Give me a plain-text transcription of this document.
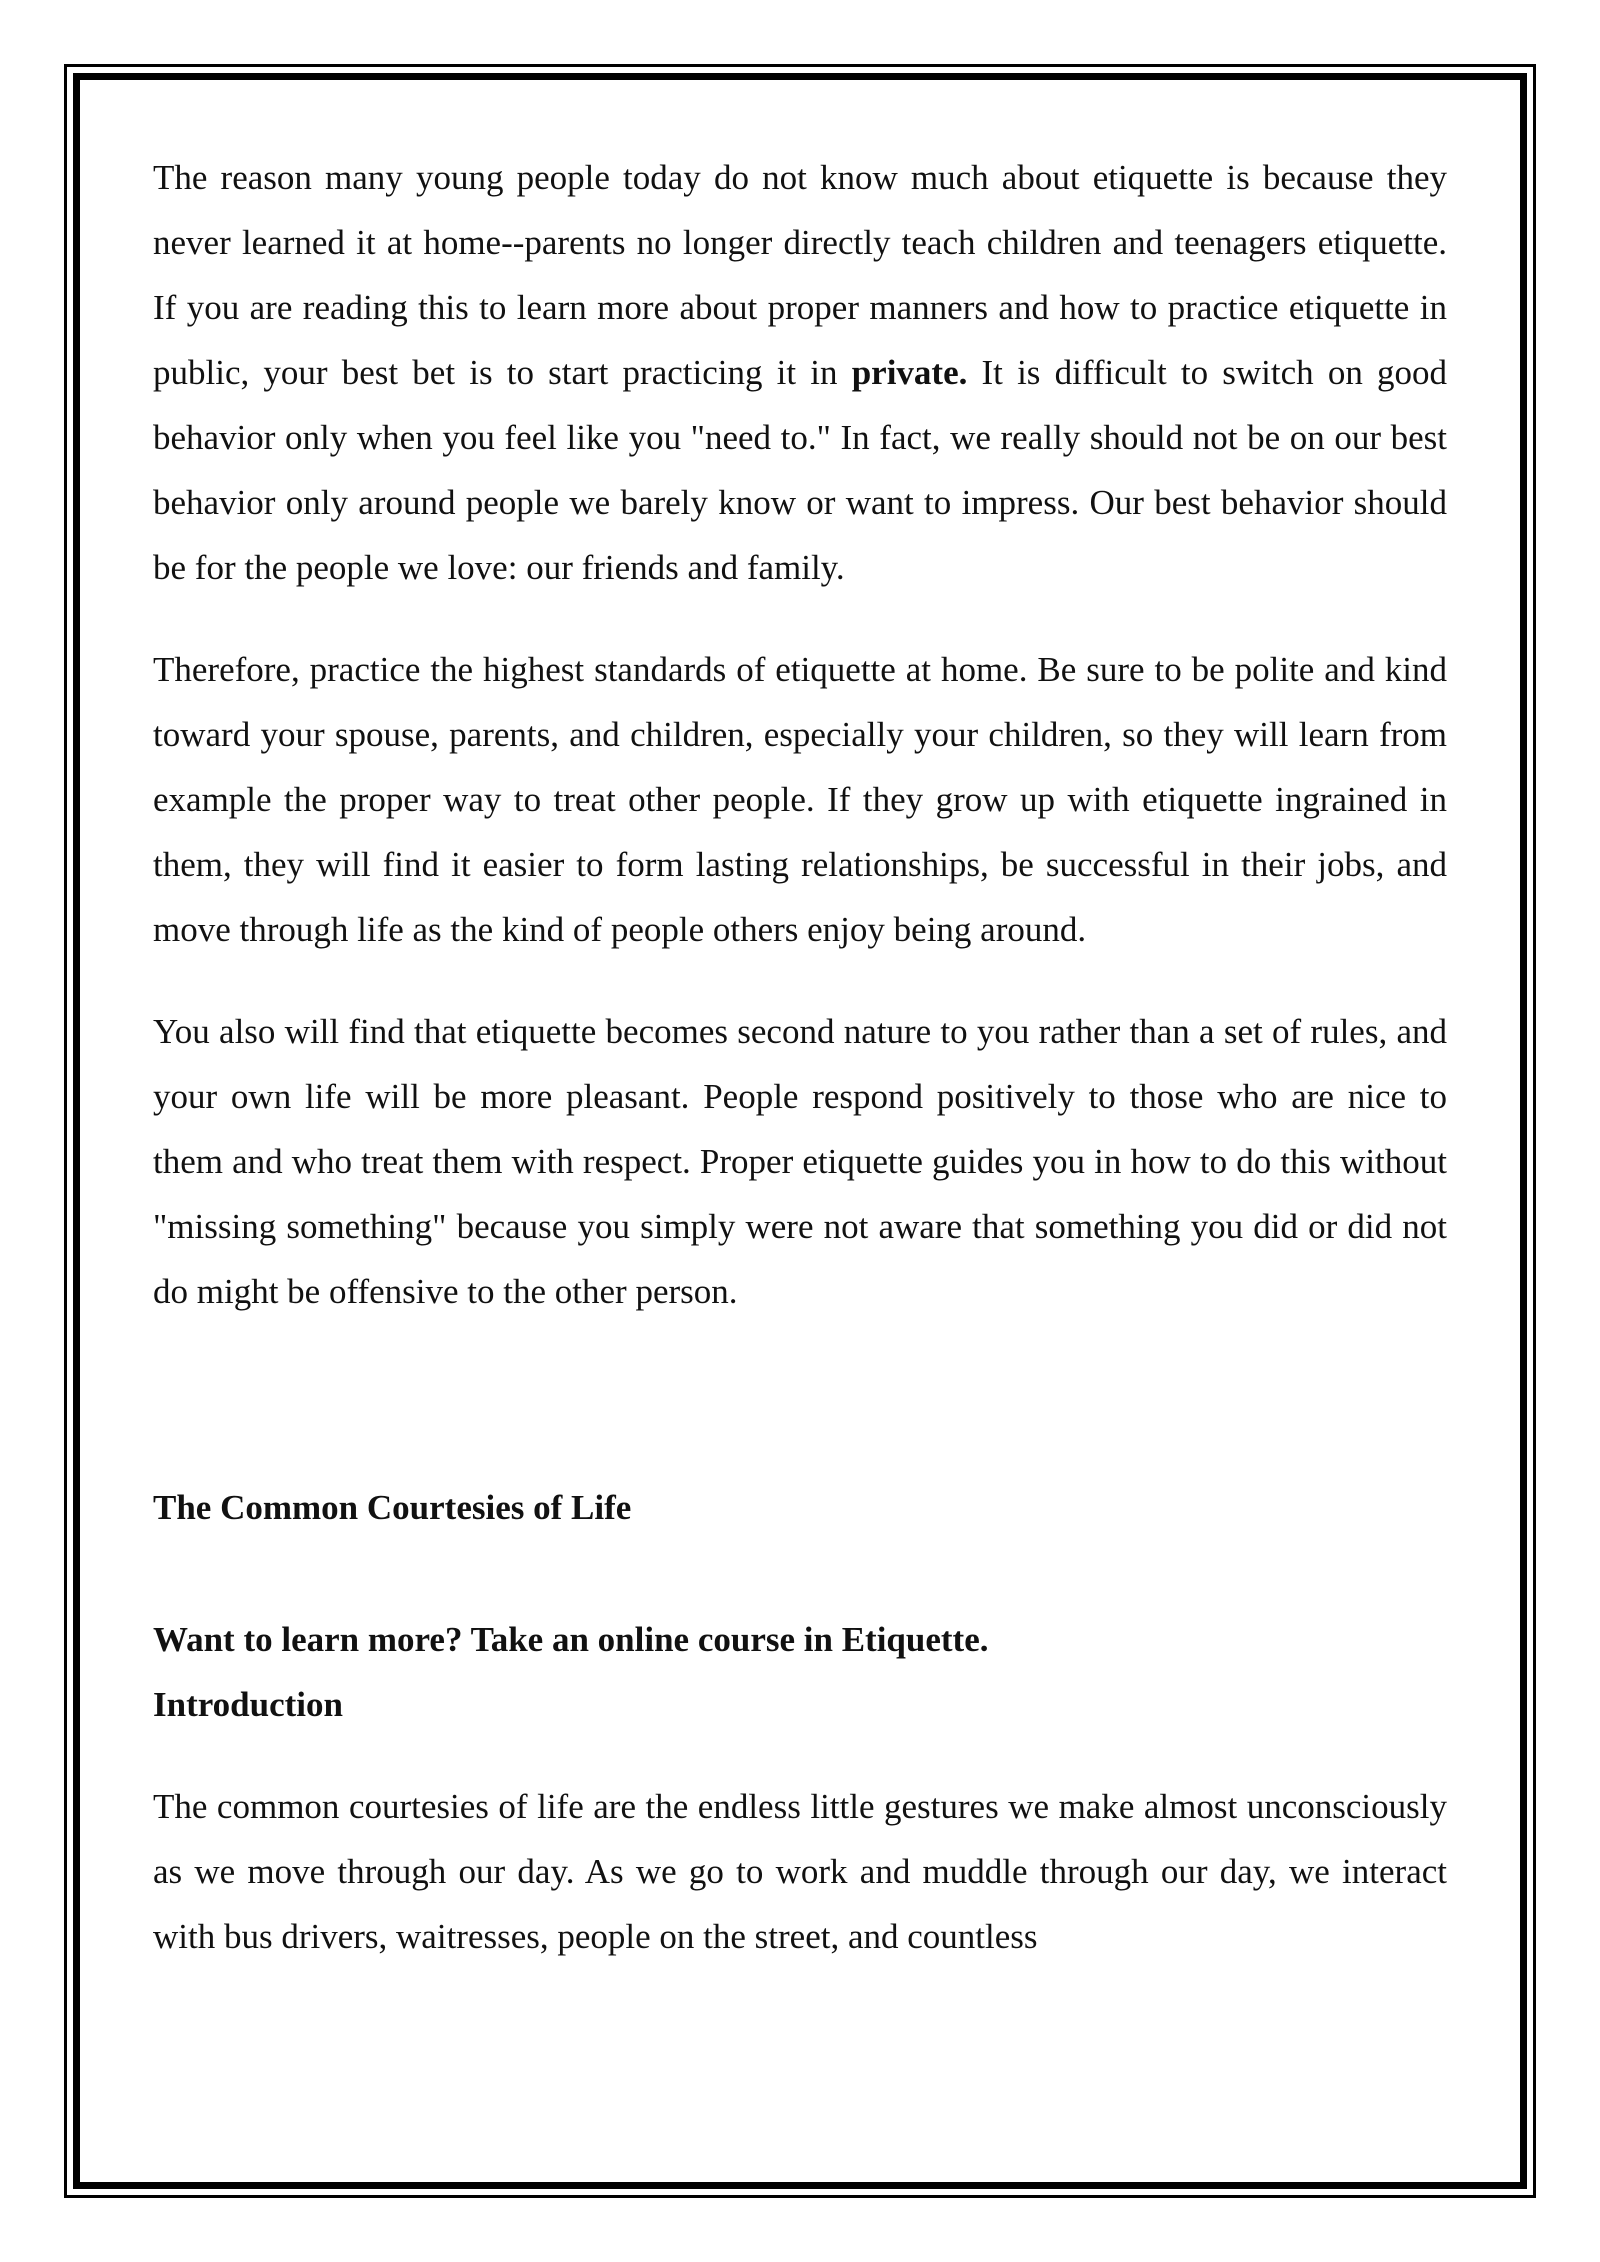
The reason many young people today do not know much about etiquette is because they never learned it at home--parents no longer directly teach children and teenagers etiquette. If you are reading this to learn more about proper manners and how to practice etiquette in public, your best bet is to start practicing it in private. It is difficult to switch on good behavior only when you feel like you "need to." In fact, we really should not be on our best behavior only around people we barely know or want to impress. Our best behavior should be for the people we love: our friends and family.

Therefore, practice the highest standards of etiquette at home. Be sure to be polite and kind toward your spouse, parents, and children, especially your children, so they will learn from example the proper way to treat other people. If they grow up with etiquette ingrained in them, they will find it easier to form lasting relationships, be successful in their jobs, and move through life as the kind of people others enjoy being around.

You also will find that etiquette becomes second nature to you rather than a set of rules, and your own life will be more pleasant. People respond positively to those who are nice to them and who treat them with respect. Proper etiquette guides you in how to do this without "missing something" because you simply were not aware that something you did or did not do might be offensive to the other person.

The Common Courtesies of Life

Want to learn more? Take an online course in Etiquette.

Introduction

The common courtesies of life are the endless little gestures we make almost unconsciously as we move through our day. As we go to work and muddle through our day, we interact with bus drivers, waitresses, people on the street, and countless
